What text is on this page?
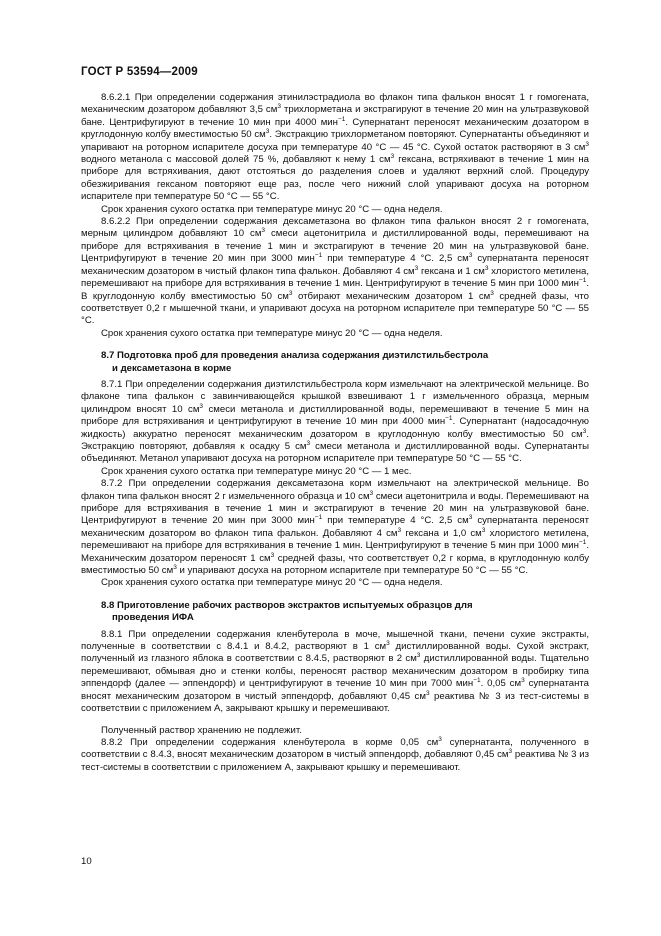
ГОСТ Р 53594—2009

8.6.2.1 При определении содержания этинилэстрадиола во флакон типа фалькон вносят 1 г гомогената, механическим дозатором добавляют 3,5 $см^3$ трихлорметана и экстрагируют в течение 20 мин на ультразвуковой бане. Центрифугируют в течение 10 мин при 4000 мин$^{-1}$. Супернатант переносят механическим дозатором в круглодонную колбу вместимостью 50 $см^3$. Экстракцию трихлорметаном повторяют. Супернатанты объединяют и упаривают на роторном испарителе досуха при температуре 40 °С — 45 °С. Сухой остаток растворяют в 3 $см^3$ водного метанола с массовой долей 75 %, добавляют к нему 1 $см^3$ гексана, встряхивают в течение 1 мин на приборе для встряхивания, дают отстояться до разделения слоев и удаляют верхний слой. Процедуру обезжиривания гексаном повторяют еще раз, после чего нижний слой упаривают досуха на роторном испарителе при температуре 50 °С — 55 °С.

Срок хранения сухого остатка при температуре минус 20 °С — одна неделя.

8.6.2.2 При определении содержания дексаметазона во флакон типа фалькон вносят 2 г гомогената, мерным цилиндром добавляют 10 $см^3$ смеси ацетонитрила и дистиллированной воды, перемешивают на приборе для встряхивания в течение 1 мин и экстрагируют в течение 20 мин на ультразвуковой бане. Центрифугируют в течение 20 мин при 3000 мин$^{-1}$ при температуре 4 °С. 2,5 $см^3$ супернатанта переносят механическим дозатором в чистый флакон типа фалькон. Добавляют 4 $см^3$ гексана и 1 $см^3$ хлористого метилена, перемешивают на приборе для встряхивания в течение 1 мин. Центрифугируют в течение 5 мин при 1000 мин$^{-1}$. В круглодонную колбу вместимостью 50 $см^3$ отбирают механическим дозатором 1 $см^3$ средней фазы, что соответствует 0,2 г мышечной ткани, и упаривают досуха на роторном испарителе при температуре 50 °С — 55 °С.

Срок хранения сухого остатка при температуре минус 20 °С — одна неделя.

8.7 Подготовка проб для проведения анализа содержания диэтилстильбестрола
и дексаметазона в корме

8.7.1 При определении содержания диэтилстильбестрола корм измельчают на электрической мельнице. Во флаконе типа фалькон с завинчивающейся крышкой взвешивают 1 г измельченного образца, мерным цилиндром вносят 10 $см^3$ смеси метанола и дистиллированной воды, перемешивают в течение 5 мин на приборе для встряхивания и центрифугируют в течение 10 мин при 4000 мин$^{-1}$. Супернатант (надосадочную жидкость) аккуратно переносят механическим дозатором в круглодонную колбу вместимостью 50 $см^3$. Экстракцию повторяют, добавляя к осадку 5 $см^3$ смеси метанола и дистиллированной воды. Супернатанты объединяют. Метанол упаривают досуха на роторном испарителе при температуре 50 °С — 55 °С.

Срок хранения сухого остатка при температуре минус 20 °С — 1 мес.

8.7.2 При определении содержания дексаметазона корм измельчают на электрической мельнице. Во флакон типа фалькон вносят 2 г измельченного образца и 10 $см^3$ смеси ацетонитрила и воды. Перемешивают на приборе для встряхивания в течение 1 мин и экстрагируют в течение 20 мин на ультразвуковой бане. Центрифугируют в течение 20 мин при 3000 мин$^{-1}$ при температуре 4 °С. 2,5 $см^3$ супернатанта переносят механическим дозатором во флакон типа фалькон. Добавляют 4 $см^3$ гексана и 1,0 $см^3$ хлористого метилена, перемешивают на приборе для встряхивания в течение 1 мин. Центрифугируют в течение 5 мин при 1000 мин$^{-1}$. Механическим дозатором переносят 1 $см^3$ средней фазы, что соответствует 0,2 г корма, в круглодонную колбу вместимостью 50 $см^3$ и упаривают досуха на роторном испарителе при температуре 50 °С — 55 °С.

Срок хранения сухого остатка при температуре минус 20 °С — одна неделя.

8.8 Приготовление рабочих растворов экстрактов испытуемых образцов для
проведения ИФА

8.8.1 При определении содержания кленбутерола в моче, мышечной ткани, печени сухие экстракты, полученные в соответствии с 8.4.1 и 8.4.2, растворяют в 1 $см^3$ дистиллированной воды. Сухой экстракт, полученный из глазного яблока в соответствии с 8.4.5, растворяют в 2 $см^3$ дистиллированной воды. Тщательно перемешивают, обмывая дно и стенки колбы, переносят раствор механическим дозатором в пробирку типа эппендорф (далее — эппендорф) и центрифугируют в течение 10 мин при 7000 мин$^{-1}$. 0,05 $см^3$ супернатанта вносят механическим дозатором в чистый эппендорф, добавляют 0,45 $см^3$ реактива № 3 из тест-системы в соответствии с приложением А, закрывают крышку и перемешивают.

Полученный раствор хранению не подлежит.

8.8.2 При определении содержания кленбутерола в корме 0,05 $см^3$ супернатанта, полученного в соответствии с 8.4.3, вносят механическим дозатором в чистый эппендорф, добавляют 0,45 $см^3$ реактива № 3 из тест-системы в соответствии с приложением А, закрывают крышку и перемешивают.

10
